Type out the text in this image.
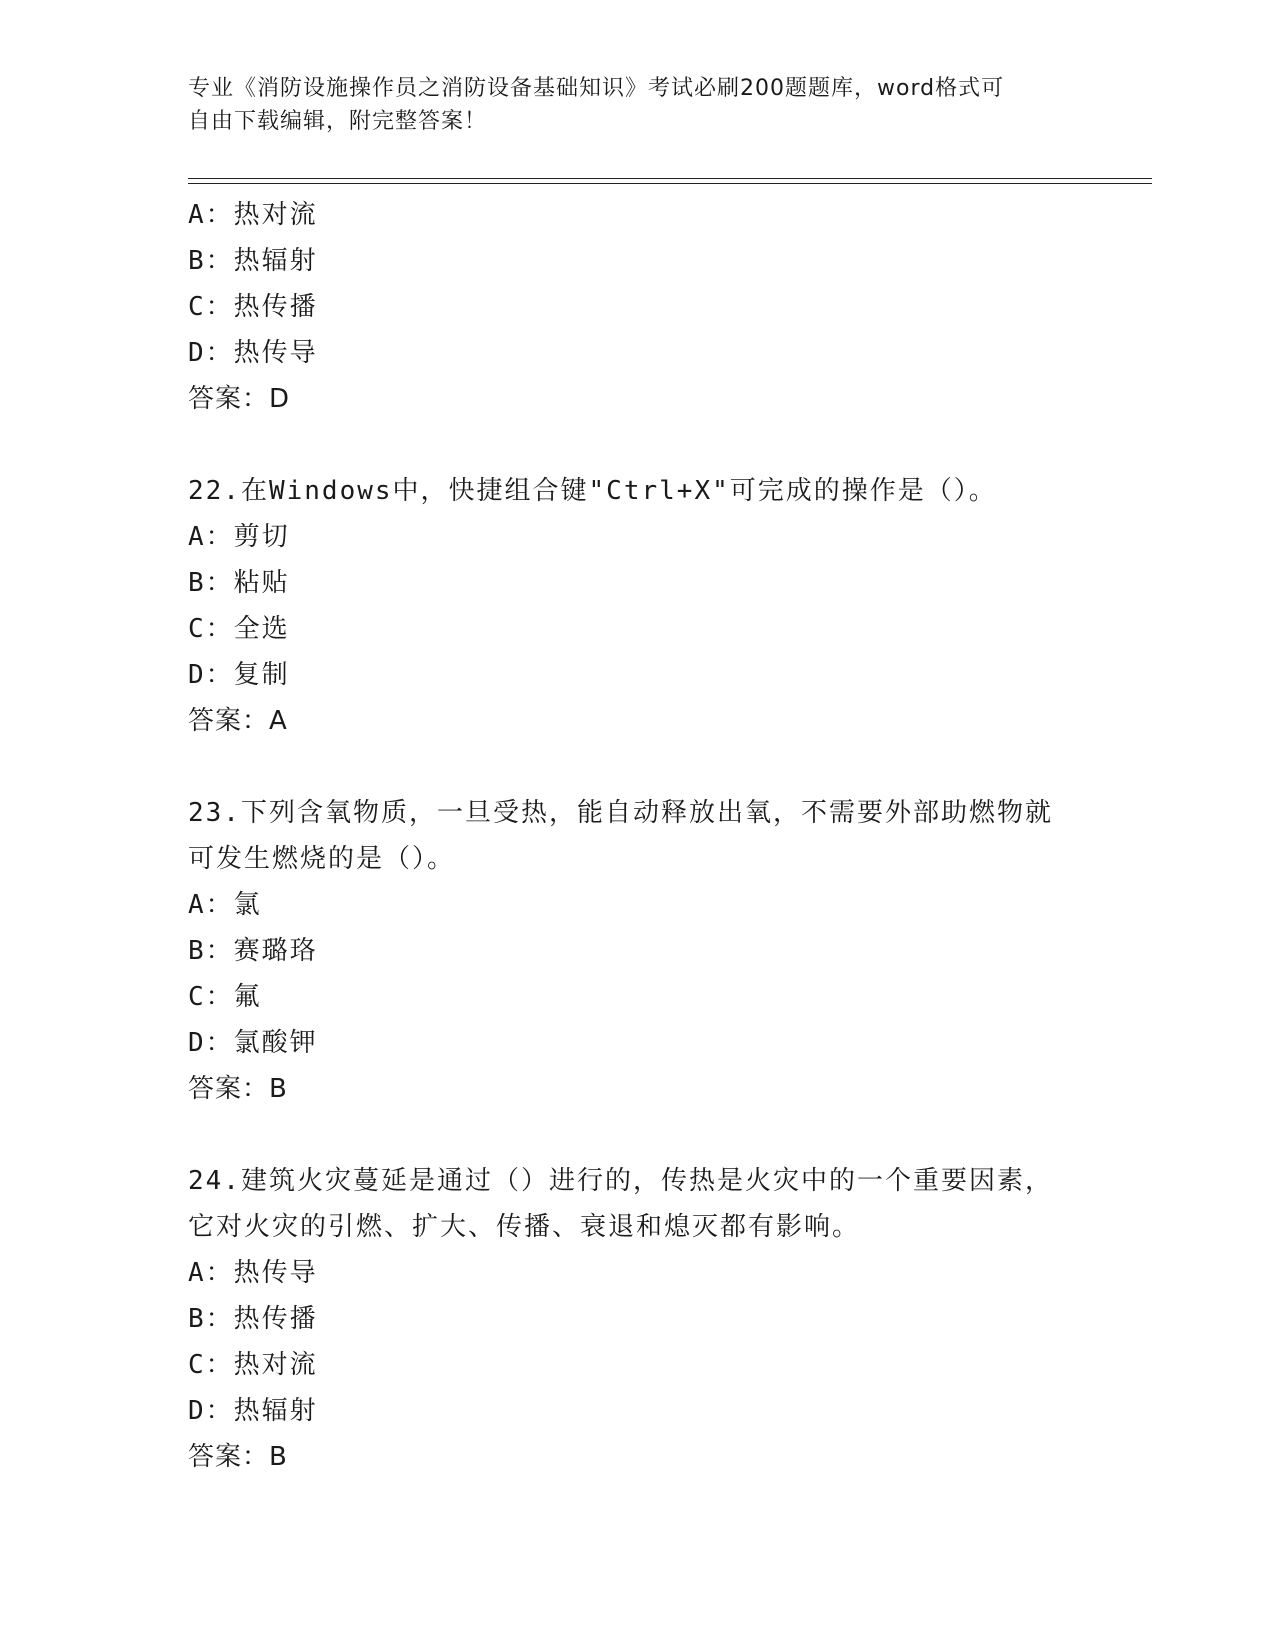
专业《消防设施操作员之消防设备基础知识》考试必刷200题题库，word格式可
自由下载编辑，附完整答案！
A：热对流
B：热辐射
C：热传播
D：热传导
答案：D
22.在Windows中，快捷组合键"Ctrl+X"可完成的操作是（）。
A：剪切
B：粘贴
C：全选
D：复制
答案：A
23.下列含氧物质，一旦受热，能自动释放出氧，不需要外部助燃物就
可发生燃烧的是（）。
A：氯
B：赛璐珞
C：氟
D：氯酸钾
答案：B
24.建筑火灾蔓延是通过（）进行的，传热是火灾中的一个重要因素，
它对火灾的引燃、扩大、传播、衰退和熄灭都有影响。
A：热传导
B：热传播
C：热对流
D：热辐射
答案：B
